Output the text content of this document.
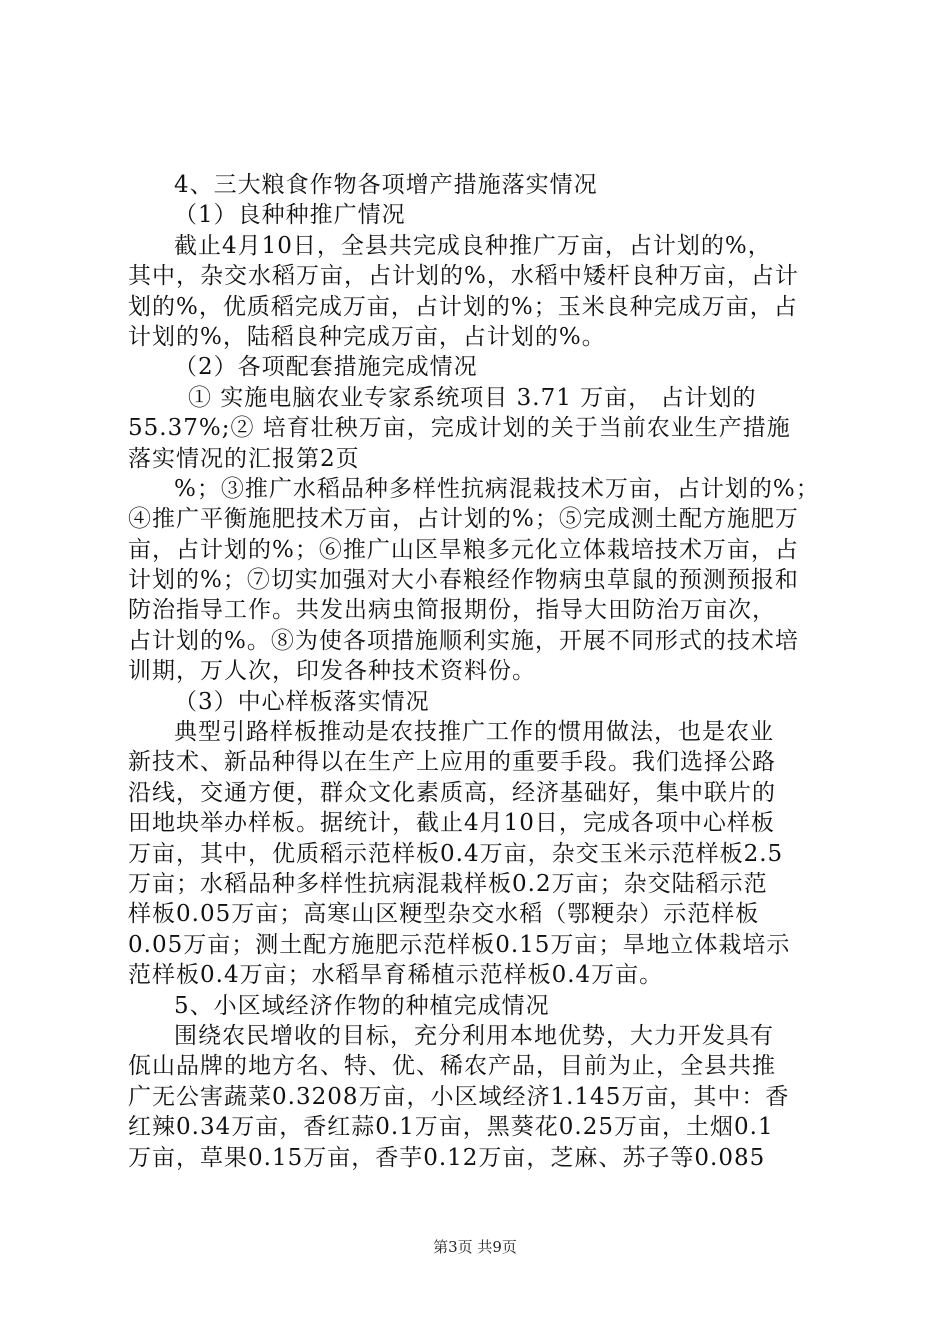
4、三大粮食作物各项增产措施落实情况
（1）良种种推广情况
截止4月10日，全县共完成良种推广万亩，占计划的%，
其中，杂交水稻万亩，占计划的%，水稻中矮杆良种万亩，占计
划的%，优质稻完成万亩，占计划的%；玉米良种完成万亩，占
计划的%，陆稻良种完成万亩，占计划的%。
（2）各项配套措施完成情况
① 实施电脑农业专家系统项目 3.71 万亩， 占计划的
55.37%;② 培育壮秧万亩，完成计划的关于当前农业生产措施
落实情况的汇报第2页
%；③推广水稻品种多样性抗病混栽技术万亩，占计划的%；
④推广平衡施肥技术万亩，占计划的%；⑤完成测土配方施肥万
亩，占计划的%；⑥推广山区旱粮多元化立体栽培技术万亩，占
计划的%；⑦切实加强对大小春粮经作物病虫草鼠的预测预报和
防治指导工作。共发出病虫简报期份，指导大田防治万亩次，
占计划的%。⑧为使各项措施顺利实施，开展不同形式的技术培
训期，万人次，印发各种技术资料份。
（3）中心样板落实情况
典型引路样板推动是农技推广工作的惯用做法，也是农业
新技术、新品种得以在生产上应用的重要手段。我们选择公路
沿线，交通方便，群众文化素质高，经济基础好，集中联片的
田地块举办样板。据统计，截止4月10日，完成各项中心样板
万亩，其中，优质稻示范样板0.4万亩，杂交玉米示范样板2.5
万亩；水稻品种多样性抗病混栽样板0.2万亩；杂交陆稻示范
样板0.05万亩；高寒山区粳型杂交水稻（鄂粳杂）示范样板
0.05万亩；测土配方施肥示范样板0.15万亩；旱地立体栽培示
范样板0.4万亩；水稻旱育稀植示范样板0.4万亩。
5、小区域经济作物的种植完成情况
围绕农民增收的目标，充分利用本地优势，大力开发具有
佤山品牌的地方名、特、优、稀农产品，目前为止，全县共推
广无公害蔬菜0.3208万亩，小区域经济1.145万亩，其中：香
红辣0.34万亩，香红蒜0.1万亩，黑葵花0.25万亩，土烟0.1
万亩，草果0.15万亩，香芋0.12万亩，芝麻、苏子等0.085
第3页 共9页
